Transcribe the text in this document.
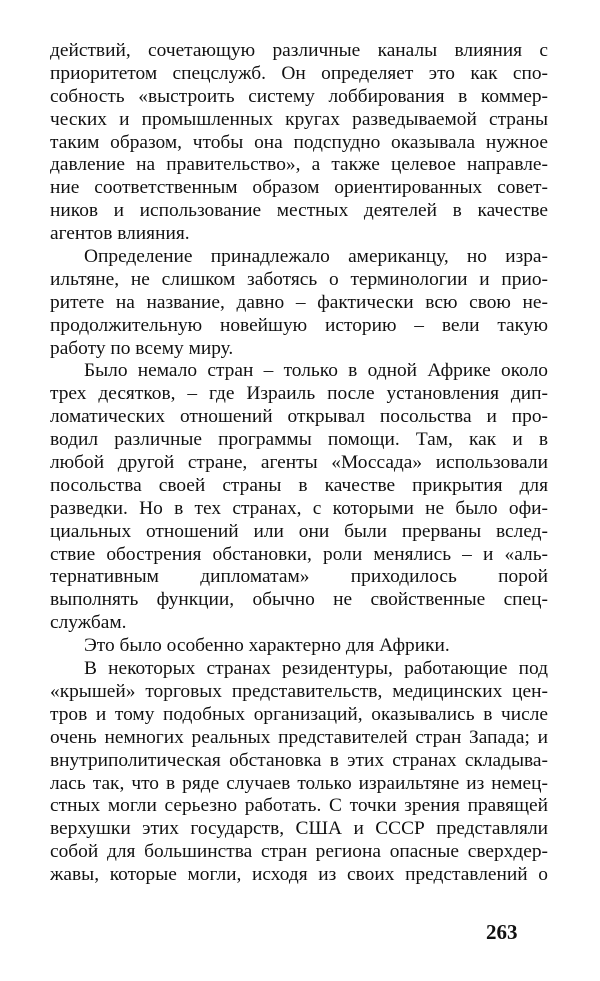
действий, сочетающую различные каналы влияния с
приоритетом спецслужб. Он определяет это как спо-
собность «выстроить систему лоббирования в коммер-
ческих и промышленных кругах разведываемой страны
таким образом, чтобы она подспудно оказывала нужное
давление на правительство», а также целевое направле-
ние соответственным образом ориентированных совет-
ников и использование местных деятелей в качестве
агентов влияния.
Определение принадлежало американцу, но изра-
ильтяне, не слишком заботясь о терминологии и прио-
ритете на название, давно – фактически всю свою не-
продолжительную новейшую историю – вели такую
работу по всему миру.
Было немало стран – только в одной Африке около
трех десятков, – где Израиль после установления дип-
ломатических отношений открывал посольства и про-
водил различные программы помощи. Там, как и в
любой другой стране, агенты «Моссада» использовали
посольства своей страны в качестве прикрытия для
разведки. Но в тех странах, с которыми не было офи-
циальных отношений или они были прерваны вслед-
ствие обострения обстановки, роли менялись – и «аль-
тернативным дипломатам» приходилось порой
выполнять функции, обычно не свойственные спец-
службам.
Это было особенно характерно для Африки.
В некоторых странах резидентуры, работающие под
«крышей» торговых представительств, медицинских цен-
тров и тому подобных организаций, оказывались в числе
очень немногих реальных представителей стран Запада; и
внутриполитическая обстановка в этих странах складыва-
лась так, что в ряде случаев только израильтяне из немец-
стных могли серьезно работать. С точки зрения правящей
верхушки этих государств, США и СССР представляли
собой для большинства стран региона опасные сверхдер-
жавы, которые могли, исходя из своих представлений о
263
